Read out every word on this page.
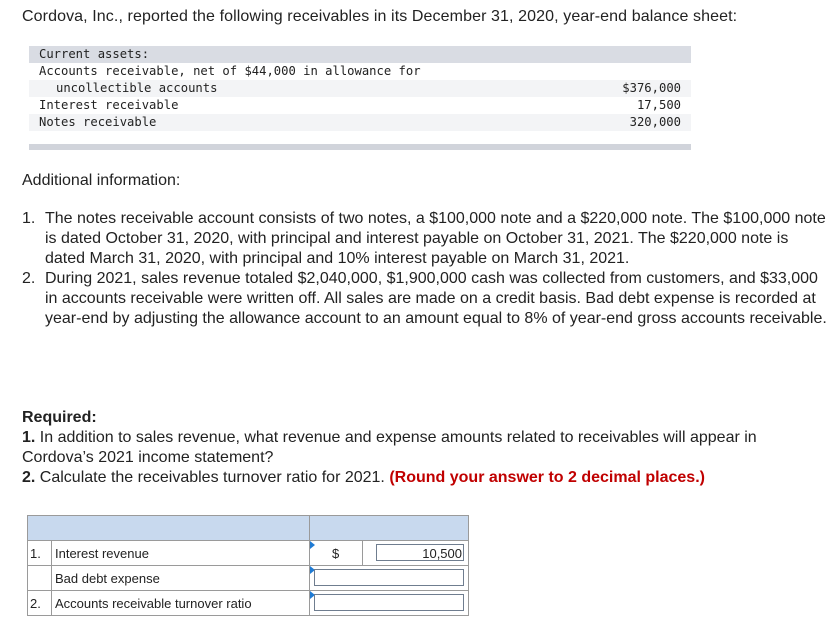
Cordova, Inc., reported the following receivables in its December 31, 2020, year-end balance sheet:
Current assets:
Accounts receivable, net of $44,000 in allowance for
uncollectible accounts	$376,000
Interest receivable	17,500
Notes receivable	320,000
Additional information:
1. The notes receivable account consists of two notes, a $100,000 note and a $220,000 note. The $100,000 note is dated October 31, 2020, with principal and interest payable on October 31, 2021. The $220,000 note is dated March 31, 2020, with principal and 10% interest payable on March 31, 2021.
2. During 2021, sales revenue totaled $2,040,000, $1,900,000 cash was collected from customers, and $33,000 in accounts receivable were written off. All sales are made on a credit basis. Bad debt expense is recorded at year-end by adjusting the allowance account to an amount equal to 8% of year-end gross accounts receivable.
Required:
1. In addition to sales revenue, what revenue and expense amounts related to receivables will appear in Cordova’s 2021 income statement?
2. Calculate the receivables turnover ratio for 2021. (Round your answer to 2 decimal places.)

1.	Interest revenue	$	10,500

	Bad debt expense		

2.	Accounts receivable turnover ratio		
